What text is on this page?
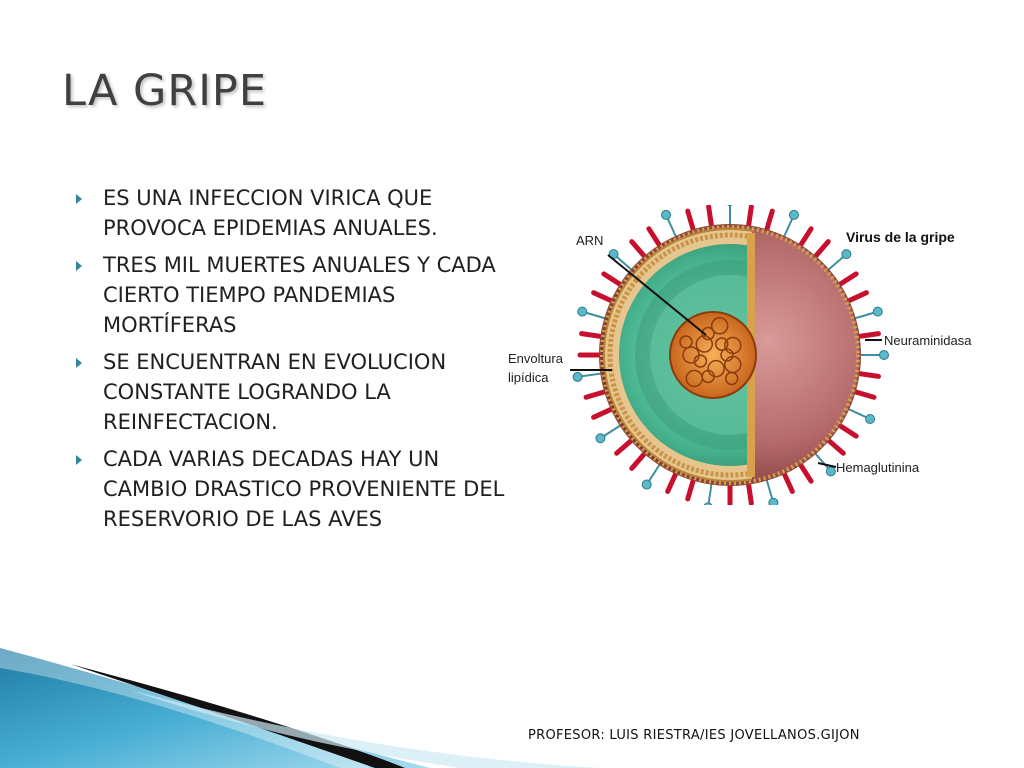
LA GRIPE
ES UNA INFECCION VIRICA QUE PROVOCA EPIDEMIAS ANUALES.
TRES MIL MUERTES ANUALES Y CADA CIERTO TIEMPO PANDEMIAS MORTÍFERAS
SE ENCUENTRAN EN EVOLUCION CONSTANTE LOGRANDO LA REINFECTACION.
CADA VARIAS DECADAS HAY UN CAMBIO DRASTICO PROVENIENTE DEL RESERVORIO DE LAS AVES
Virus de la gripe
ARN
Envoltura
lipídica
Neuraminidasa
Hemaglutinina
PROFESOR: LUIS RIESTRA/IES JOVELLANOS.GIJON
